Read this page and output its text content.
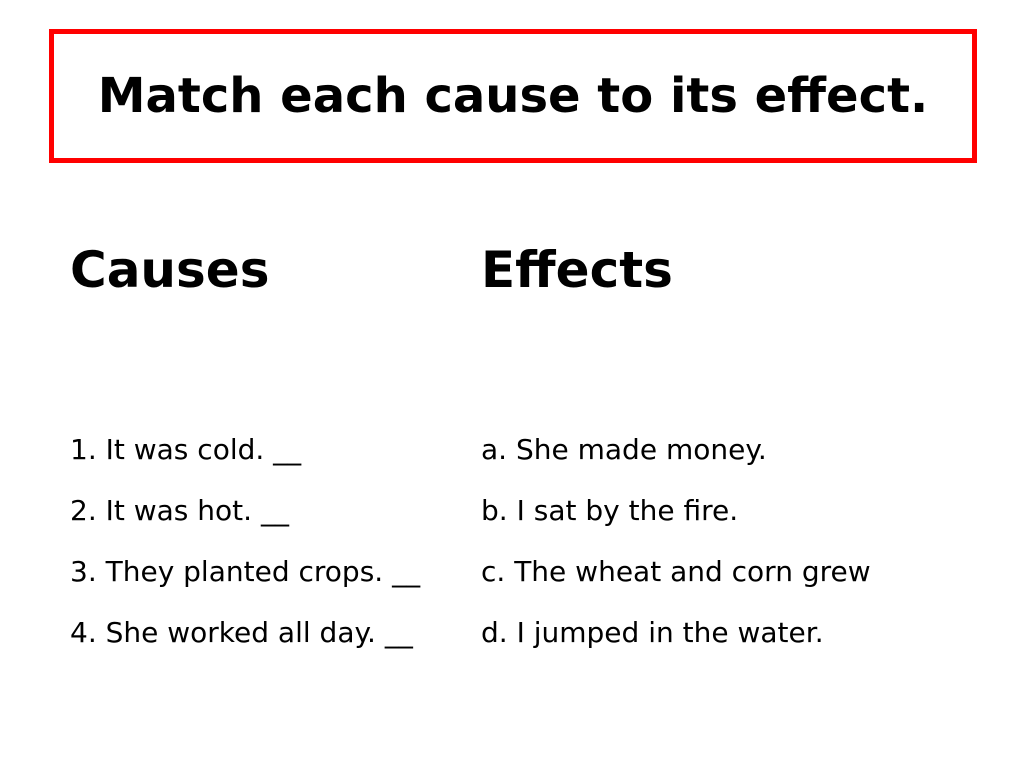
Match each cause to its effect.
Causes	Effects
1. It was cold. __
2. It was hot. __
3. They planted crops. __
4. She worked all day. __
a. She made money.
b. I sat by the fire.
c. The wheat and corn grew
d. I jumped in the water.
